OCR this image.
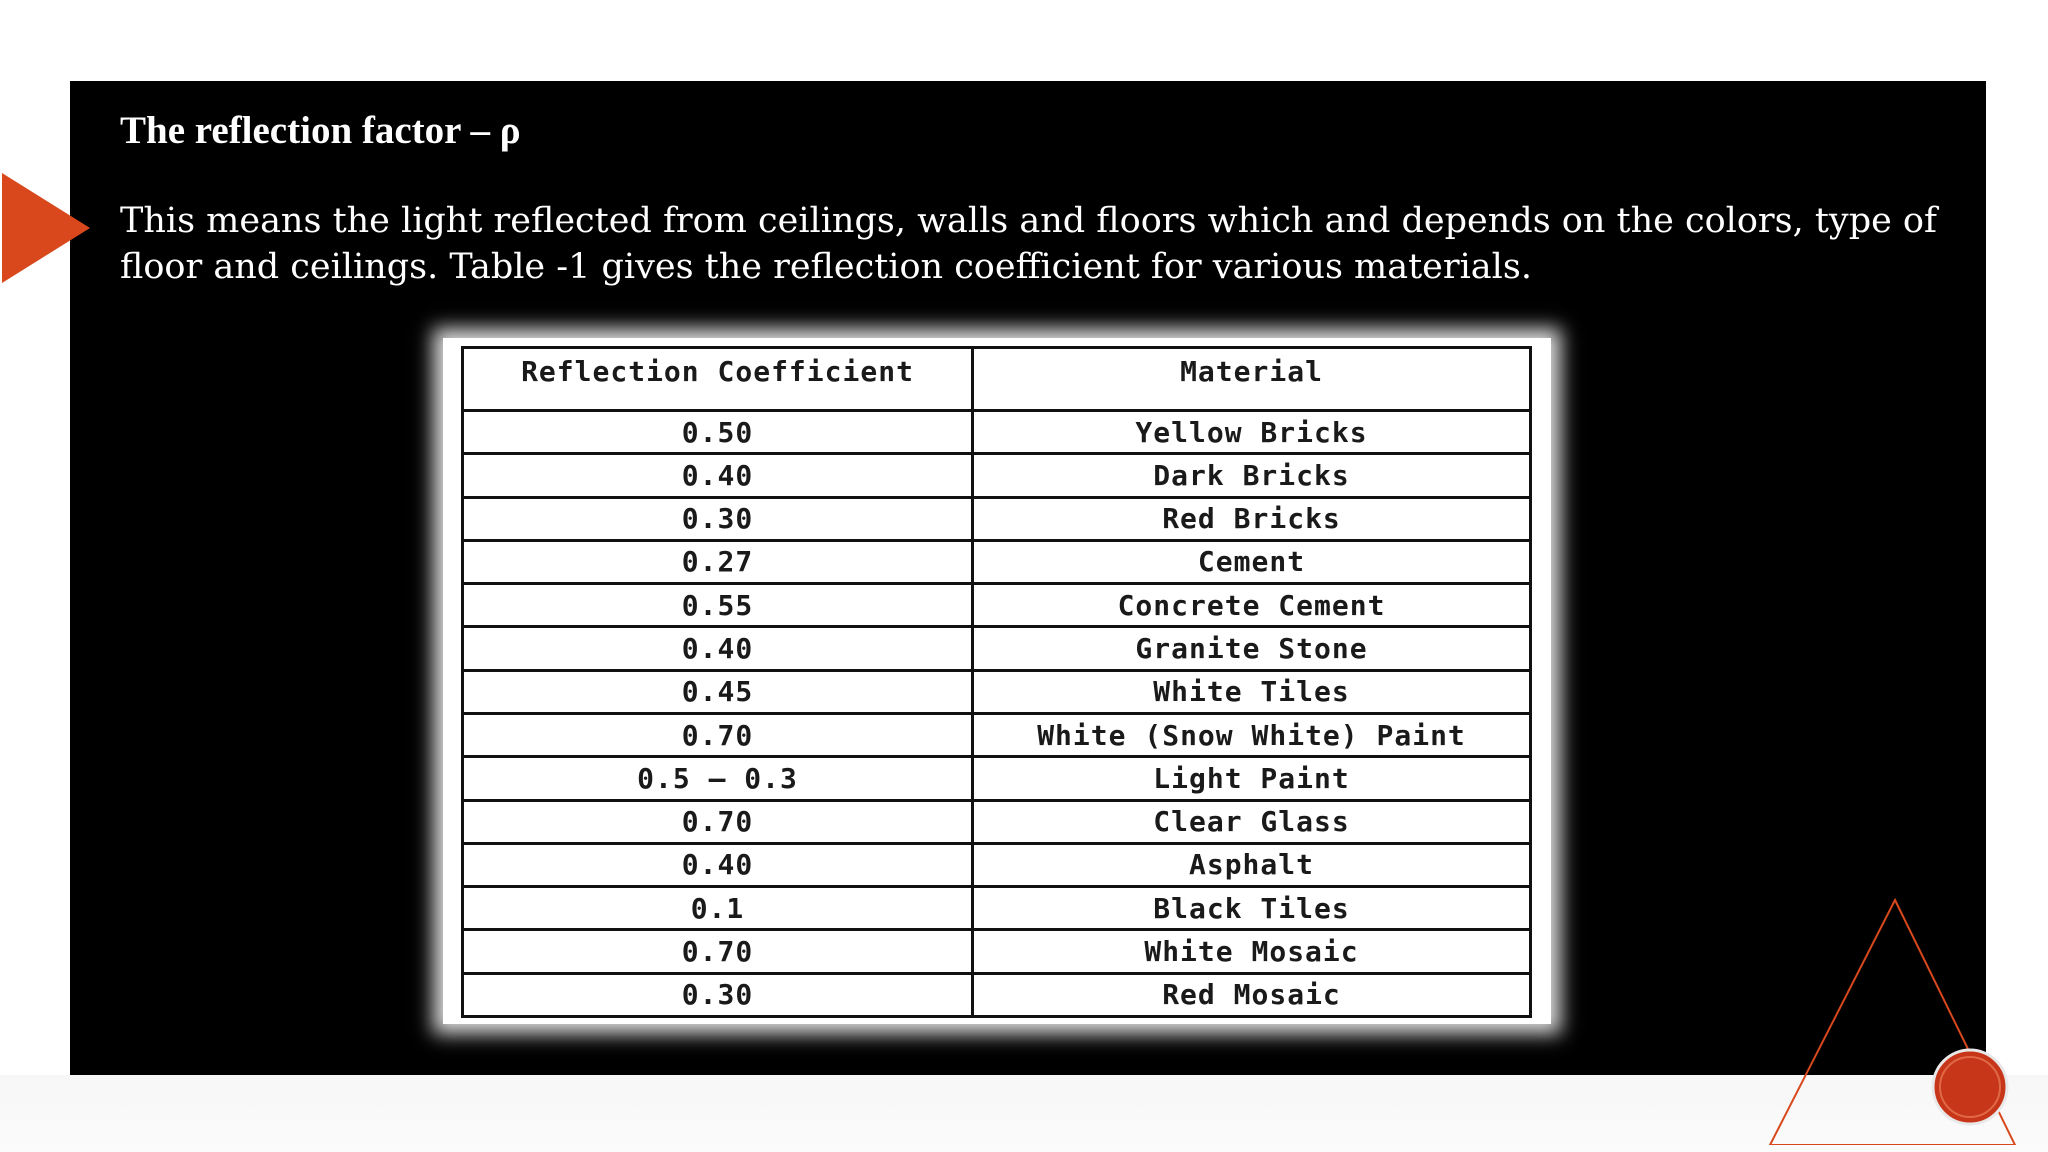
The reflection factor – ρ
This means the light reflected from ceilings, walls and floors which and depends on the colors, type of floor and ceilings. Table -1 gives the reflection coefficient for various materials.
Reflection Coefficient	Material
0.50	Yellow Bricks
0.40	Dark Bricks
0.30	Red Bricks
0.27	Cement
0.55	Concrete Cement
0.40	Granite Stone
0.45	White Tiles
0.70	White (Snow White) Paint
0.5 – 0.3	Light Paint
0.70	Clear Glass
0.40	Asphalt
0.1	Black Tiles
0.70	White Mosaic
0.30	Red Mosaic
